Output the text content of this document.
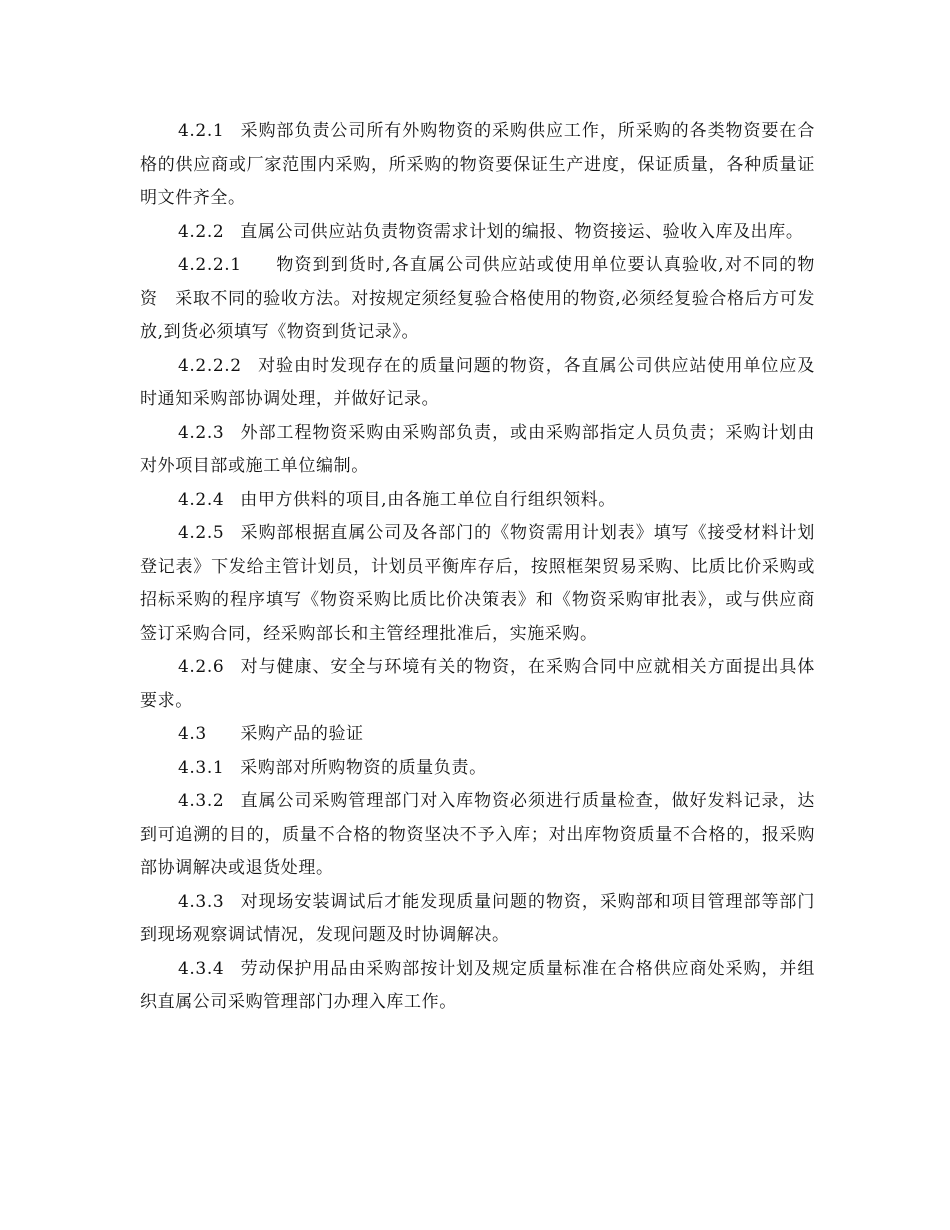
4.2.1 采购部负责公司所有外购物资的采购供应工作，所采购的各类物资要在合格的供应商或厂家范围内采购，所采购的物资要保证生产进度，保证质量，各种质量证明文件齐全。

4.2.2 直属公司供应站负责物资需求计划的编报、物资接运、验收入库及出库。

4.2.2.1　物资到到货时,各直属公司供应站或使用单位要认真验收,对不同的物资　采取不同的验收方法。对按规定须经复验合格使用的物资,必须经复验合格后方可发放,到货必须填写《物资到货记录》。

4.2.2.2 对验由时发现存在的质量问题的物资，各直属公司供应站使用单位应及时通知采购部协调处理，并做好记录。

4.2.3 外部工程物资采购由采购部负责，或由采购部指定人员负责；采购计划由对外项目部或施工单位编制。

4.2.4 由甲方供料的项目,由各施工单位自行组织领料。

4.2.5 采购部根据直属公司及各部门的《物资需用计划表》填写《接受材料计划登记表》下发给主管计划员，计划员平衡库存后，按照框架贸易采购、比质比价采购或招标采购的程序填写《物资采购比质比价决策表》和《物资采购审批表》，或与供应商签订采购合同，经采购部长和主管经理批准后，实施采购。

4.2.6 对与健康、安全与环境有关的物资，在采购合同中应就相关方面提出具体要求。

4.3　采购产品的验证

4.3.1 采购部对所购物资的质量负责。

4.3.2 直属公司采购管理部门对入库物资必须进行质量检查，做好发料记录，达到可追溯的目的，质量不合格的物资坚决不予入库；对出库物资质量不合格的，报采购部协调解决或退货处理。

4.3.3 对现场安装调试后才能发现质量问题的物资，采购部和项目管理部等部门到现场观察调试情况，发现问题及时协调解决。

4.3.4 劳动保护用品由采购部按计划及规定质量标准在合格供应商处采购，并组织直属公司采购管理部门办理入库工作。
